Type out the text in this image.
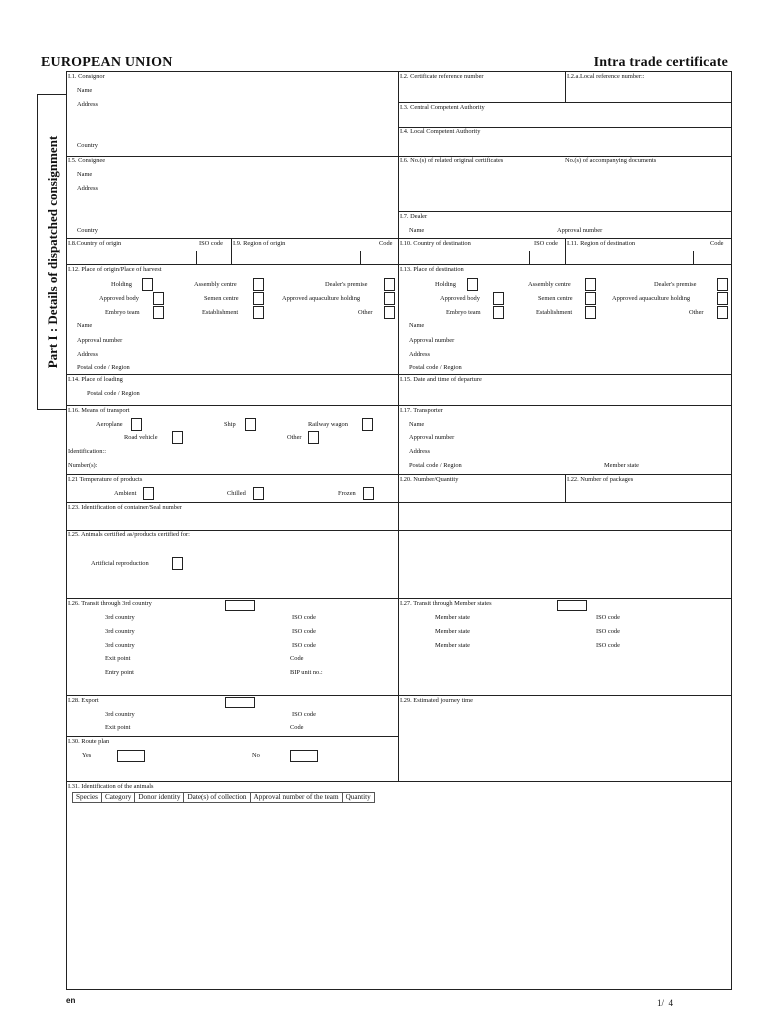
EUROPEAN UNION	Intra trade certificate
Part I : Details of dispatched consignment
I.1. Consignor
Name
Address
Country
I.2. Certificate reference number	I.2.a.Local reference number::
I.3. Central Competent Authority
I.4. Local Competent Authority
I.5. Consignee
Name
Address
Country
I.6. No.(s) of related original certificates	No.(s) of accompanying documents
I.7. Dealer
Name	Approval number
I.8.Country of origin	ISO code I.9. Region of origin	Code I.10. Country of destination	ISO code I.11. Region of destination	Code
I.12. Place of origin/Place of harvest
Holding	Assembly centre	Dealer's premise
Approved body	Semen centre	Approved aquaculture holding
Embryo team	Establishment	Other
Name
Approval number
Address
Postal code / Region
I.13. Place of destination
Holding	Assembly centre	Dealer's premise
Approved body	Semen centre	Approved aquaculture holding
Embryo team	Establishment	Other
Name
Approval number
Address
Postal code / Region
I.14. Place of loading
Postal code / Region
I.15. Date and time of departure
I.16. Means of transport
Aeroplane	Ship	Railway wagon
Road vehicle	Other
Identification::
Number(s):
I.17. Transporter
Name
Approval number
Address
Postal code / Region	Member state
I.21 Temperature of products
Ambient	Chilled	Frozen
I.20. Number/Quantity	I.22. Number of packages
I.23. Identification of container/Seal number
I.25. Animals certified as/products certified for:
Artificial reproduction
I.26. Transit through 3rd country
3rd country	ISO code
3rd country	ISO code
3rd country	ISO code
Exit point	Code
Entry point	BIP unit no.:
I.27. Transit through Member states
Member state	ISO code
Member state	ISO code
Member state	ISO code
I.28. Export
3rd country	ISO code
Exit point	Code
I.29. Estimated journey time
I.30. Route plan
Yes	No
I.31. Identification of the animals
Species	Category	Donor identity	Date(s) of collection	Approval number of the team	Quantity
en	1/  4
